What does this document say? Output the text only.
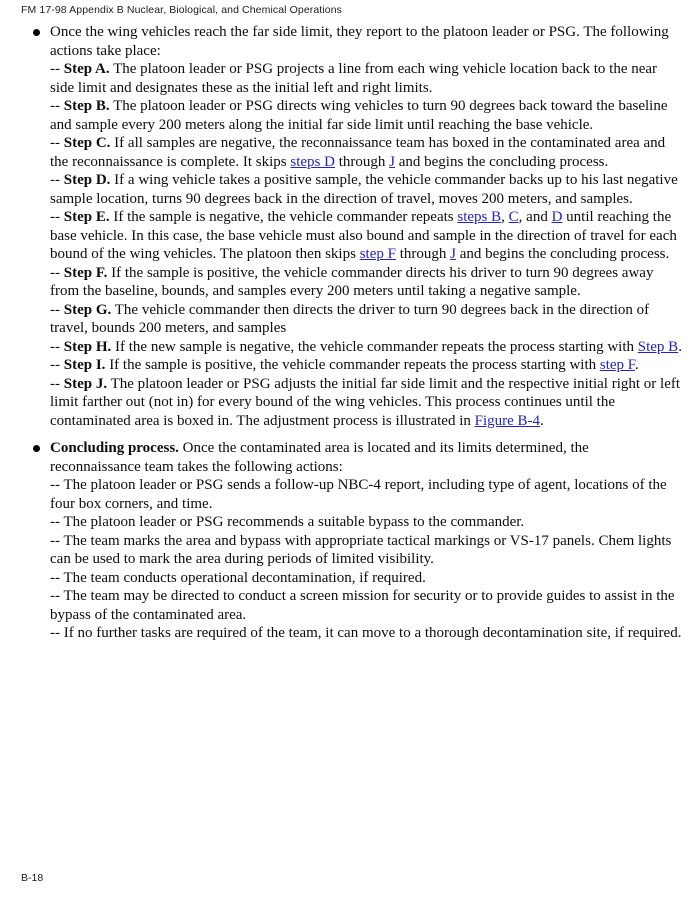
FM 17-98 Appendix B Nuclear, Biological, and Chemical Operations
Once the wing vehicles reach the far side limit, they report to the platoon leader or PSG. The following actions take place:
-- Step A. The platoon leader or PSG projects a line from each wing vehicle location back to the near side limit and designates these as the initial left and right limits.
-- Step B. The platoon leader or PSG directs wing vehicles to turn 90 degrees back toward the baseline and sample every 200 meters along the initial far side limit until reaching the base vehicle.
-- Step C. If all samples are negative, the reconnaissance team has boxed in the contaminated area and the reconnaissance is complete. It skips steps D through J and begins the concluding process.
-- Step D. If a wing vehicle takes a positive sample, the vehicle commander backs up to his last negative sample location, turns 90 degrees back in the direction of travel, moves 200 meters, and samples.
-- Step E. If the sample is negative, the vehicle commander repeats steps B, C, and D until reaching the base vehicle. In this case, the base vehicle must also bound and sample in the direction of travel for each bound of the wing vehicles. The platoon then skips step F through J and begins the concluding process.
-- Step F. If the sample is positive, the vehicle commander directs his driver to turn 90 degrees away from the baseline, bounds, and samples every 200 meters until taking a negative sample.
-- Step G. The vehicle commander then directs the driver to turn 90 degrees back in the direction of travel, bounds 200 meters, and samples
-- Step H. If the new sample is negative, the vehicle commander repeats the process starting with Step B.
-- Step I. If the sample is positive, the vehicle commander repeats the process starting with step F.
-- Step J. The platoon leader or PSG adjusts the initial far side limit and the respective initial right or left limit farther out (not in) for every bound of the wing vehicles. This process continues until the contaminated area is boxed in. The adjustment process is illustrated in Figure B-4.
Concluding process. Once the contaminated area is located and its limits determined, the reconnaissance team takes the following actions:
-- The platoon leader or PSG sends a follow-up NBC-4 report, including type of agent, locations of the four box corners, and time.
-- The platoon leader or PSG recommends a suitable bypass to the commander.
-- The team marks the area and bypass with appropriate tactical markings or VS-17 panels. Chem lights can be used to mark the area during periods of limited visibility.
-- The team conducts operational decontamination, if required.
-- The team may be directed to conduct a screen mission for security or to provide guides to assist in the bypass of the contaminated area.
-- If no further tasks are required of the team, it can move to a thorough decontamination site, if required.
B-18
